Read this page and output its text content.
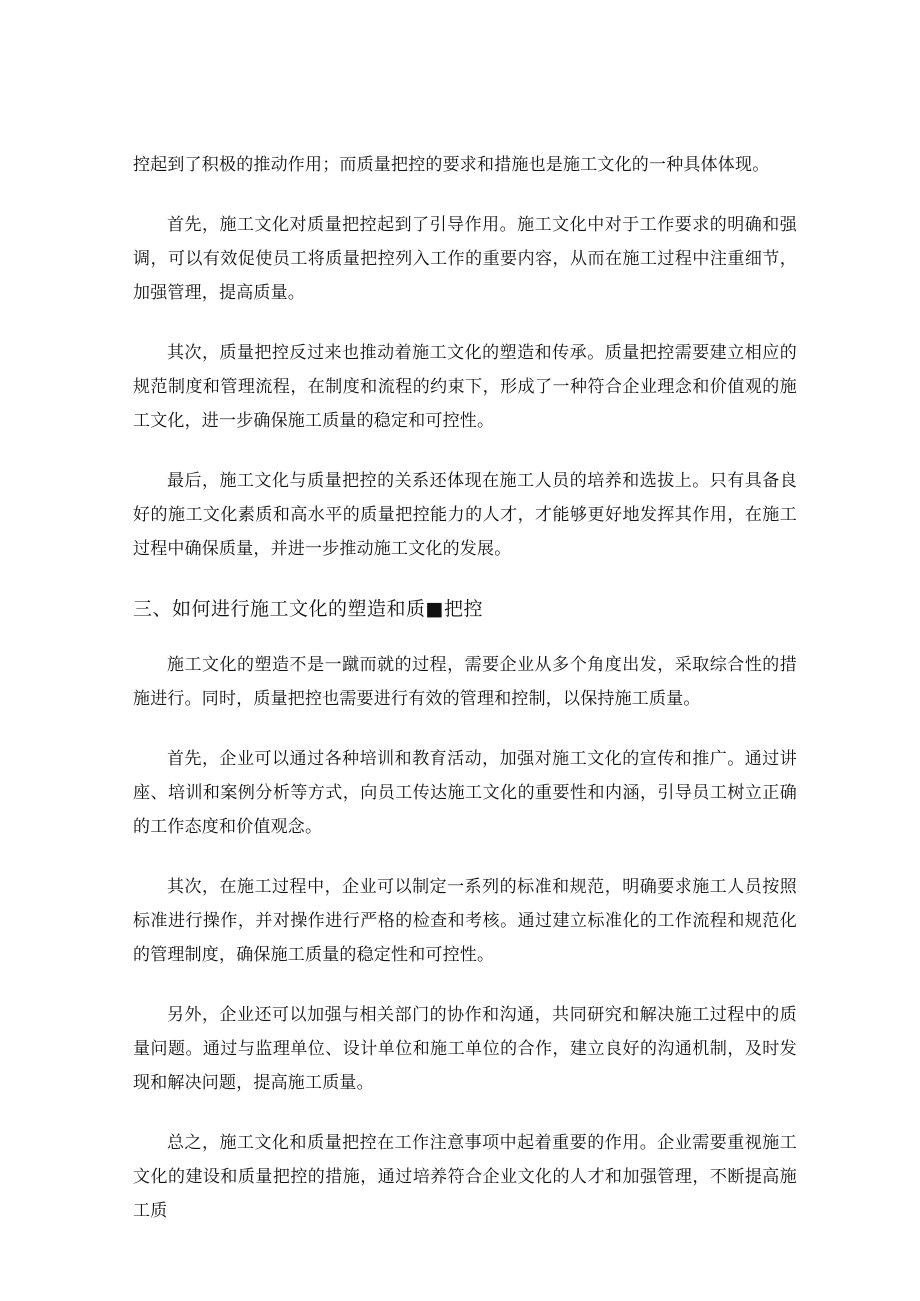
控起到了积极的推动作用；而质量把控的要求和措施也是施工文化的一种具体体现。

首先，施工文化对质量把控起到了引导作用。施工文化中对于工作要求的明确和强调，可以有效促使员工将质量把控列入工作的重要内容，从而在施工过程中注重细节，加强管理，提高质量。

其次，质量把控反过来也推动着施工文化的塑造和传承。质量把控需要建立相应的规范制度和管理流程，在制度和流程的约束下，形成了一种符合企业理念和价值观的施工文化，进一步确保施工质量的稳定和可控性。

最后，施工文化与质量把控的关系还体现在施工人员的培养和选拔上。只有具备良好的施工文化素质和高水平的质量把控能力的人才，才能够更好地发挥其作用，在施工过程中确保质量，并进一步推动施工文化的发展。

三、如何进行施工文化的塑造和质■把控

施工文化的塑造不是一蹴而就的过程，需要企业从多个角度出发，采取综合性的措施进行。同时，质量把控也需要进行有效的管理和控制，以保持施工质量。

首先，企业可以通过各种培训和教育活动，加强对施工文化的宣传和推广。通过讲座、培训和案例分析等方式，向员工传达施工文化的重要性和内涵，引导员工树立正确的工作态度和价值观念。

其次，在施工过程中，企业可以制定一系列的标准和规范，明确要求施工人员按照标准进行操作，并对操作进行严格的检查和考核。通过建立标准化的工作流程和规范化的管理制度，确保施工质量的稳定性和可控性。

另外，企业还可以加强与相关部门的协作和沟通，共同研究和解决施工过程中的质量问题。通过与监理单位、设计单位和施工单位的合作，建立良好的沟通机制，及时发现和解决问题，提高施工质量。

总之，施工文化和质量把控在工作注意事项中起着重要的作用。企业需要重视施工文化的建设和质量把控的措施，通过培养符合企业文化的人才和加强管理，不断提高施工质
